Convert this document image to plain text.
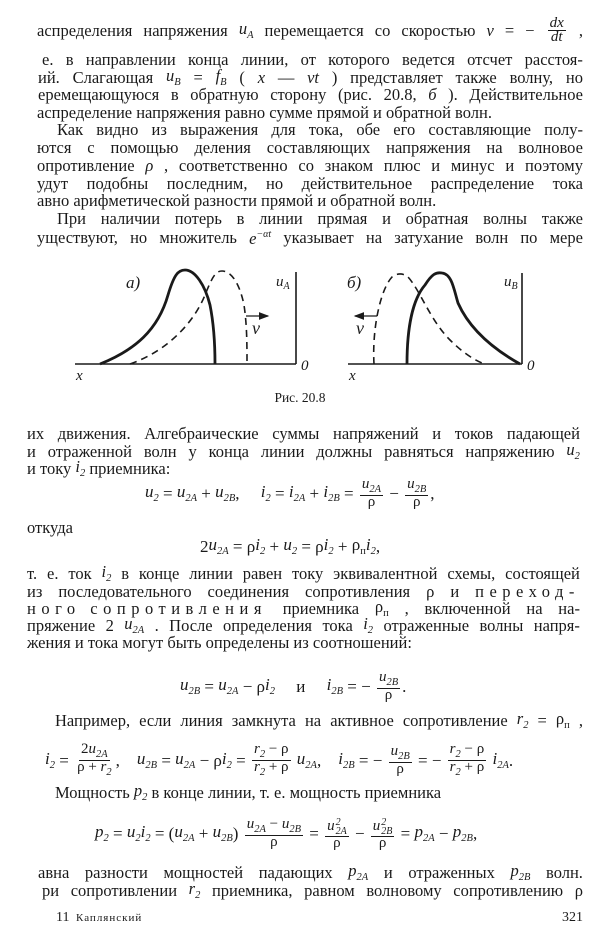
аспределения напряжения $u_A$ перемещается со скоростью v = − $\frac{dx}{dt}$ ,
е. в направлении конца линии, от которого ведется отсчет расстоя-
ий. Слагающая $u_B = f_B$ ( x — vt ) представляет также волну, но
еремещающуюся в обратную сторону (рис. 20.8, б ). Действительное
аспределение напряжения равно сумме прямой и обратной волн.
Как видно из выражения для тока, обе его составляющие полу-
ются с помощью деления составляющих напряжения на волновое
опротивление ρ , соответственно со знаком плюс и минус и поэтому
удут подобны последним, но действительное распределение тока
авно арифметической разности прямой и обратной волн.
При наличии потерь в линии прямая и обратная волны также
уществуют, но множитель $e^{-\alpha t}$ указывает на затухание волн по мере
их движения. Алгебраические суммы напряжений и токов падающей
и отраженной волн у конца линии должны равняться напряжению $u_2$
и току $i_2$ приемника:
$u_2 = u_{2A} + u_{2B}$ , $i_2 = i_{2A} + i_{2B} = \frac{u_{2A}}{\rho} - \frac{u_{2B}}{\rho}$ ,
откуда
2 $u_{2A} = \rho$ $i_2 + u_2 = \rho$ $i_2 + \rho_п$ $i_2$ ,
т. е. ток $i_2$ в конце линии равен току эквивалентной схемы, состоящей
из последовательного соединения сопротивления ρ и переход-
ного сопротивления приемника $\rho_п$ , включенной на на-
пряжение 2 $u_{2A}$ . После определения тока $i_2$ отраженные волны напря-
жения и тока могут быть определены из соотношений:
$u_{2B} = u_{2A} - \rho$ $i_2$ и $i_{2B}$ = − $\frac{u_{2B}}{\rho}$ .
Например, если линия замкнута на активное сопротивление $r_2 = \rho_п$ ,
$i_2 = \frac{2u_{2A}}{\rho + r_2}$ , $u_{2B} = u_{2A} - \rho$ $i_2 = \frac{r_2 - \rho}{r_2 + \rho}$
$u_{2A}$ , $i_{2B}$ = − $\frac{u_{2B}}{\rho}$ = − $\frac{r_2 - \rho}{r_2 + \rho}$
$i_{2A}$ .
Мощность $p_2$ в конце линии, т. е. мощность приемника
$p_2 = u_2$ $i_2$ = ( $u_{2A} + u_{2B}$ ) $\frac{u_{2A} - u_{2B}}{\rho} = u$ 2
2A
ρ − u 2
2B
$\rho = p_{2A} - p_{2B}$ ,
авна разности мощностей падающих $p_{2A}$ и отраженных $p_{2B}$ волн.
ри сопротивлении $r_2$ приемника, равном волновому сопротивлению ρ
а)	$u_A$
v
x
0
б)	$u_B$
v
x
0
Рис. 20.8
11 Каплянский	321
